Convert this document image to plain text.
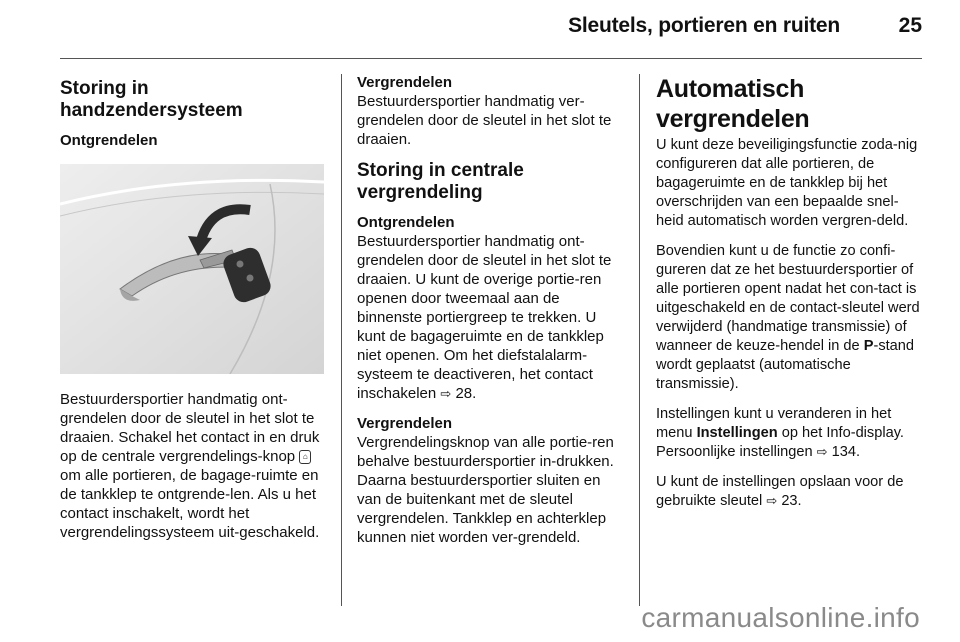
Sleutels, portieren en ruiten	25
Storing in handzendersysteem
Ontgrendelen

Bestuurdersportier handmatig ont-grendelen door de sleutel in het slot te draaien. Schakel het contact in en druk op de centrale vergrendelings-knop ⌂ om alle portieren, de bagage-ruimte en de tankklep te ontgrende-len. Als u het contact inschakelt, wordt het vergrendelingssysteem uit-geschakeld.

Vergrendelen

Bestuurdersportier handmatig ver-grendelen door de sleutel in het slot te draaien.

Storing in centrale vergrendeling
Ontgrendelen

Bestuurdersportier handmatig ont-grendelen door de sleutel in het slot te draaien. U kunt de overige portie-ren openen door tweemaal aan de binnenste portiergreep te trekken. U kunt de bagageruimte en de tankklep niet openen. Om het diefstalalarm-systeem te deactiveren, het contact inschakelen ⇨ 28.

Vergrendelen

Vergrendelingsknop van alle portie-ren behalve bestuurdersportier in-drukken. Daarna bestuurdersportier sluiten en van de buitenkant met de sleutel vergrendelen. Tankklep en achterklep kunnen niet worden ver-grendeld.

Automatisch vergrendelen

U kunt deze beveiligingsfunctie zoda-nig configureren dat alle portieren, de bagageruimte en de tankklep bij het overschrijden van een bepaalde snel-heid automatisch worden vergren-deld.

Bovendien kunt u de functie zo confi-gureren dat ze het bestuurdersportier of alle portieren opent nadat het con-tact is uitgeschakeld en de contact-sleutel werd verwijderd (handmatige transmissie) of wanneer de keuze-hendel in de P-stand wordt geplaatst (automatische transmissie).

Instellingen kunt u veranderen in het menu Instellingen op het Info-display. Persoonlijke instellingen ⇨ 134.

U kunt de instellingen opslaan voor de gebruikte sleutel ⇨ 23.

carmanualsonline.info
